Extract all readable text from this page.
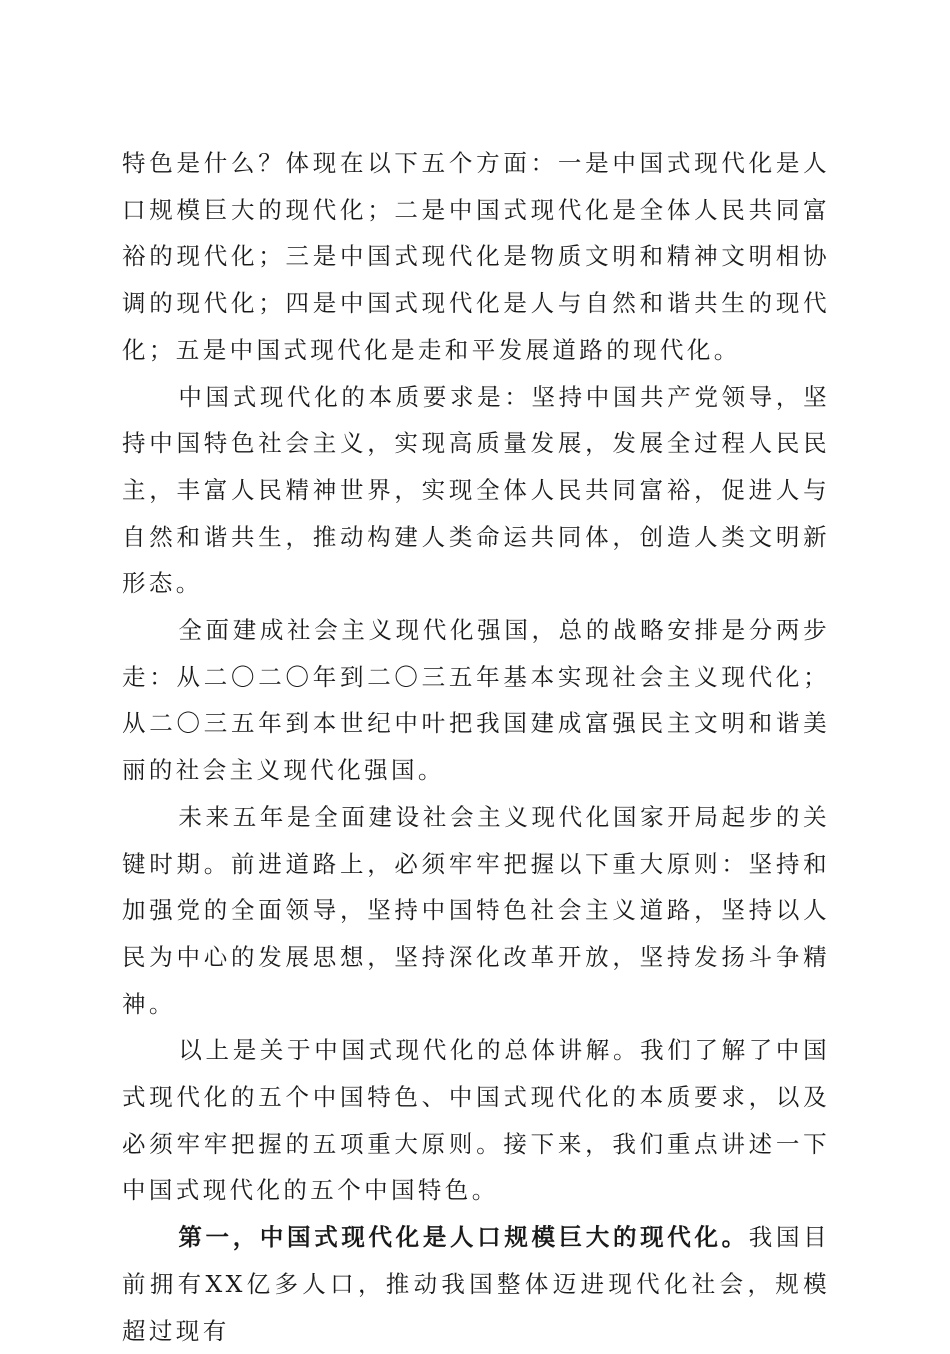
特色是什么？体现在以下五个方面：一是中国式现代化是人口规模巨大的现代化；二是中国式现代化是全体人民共同富裕的现代化；三是中国式现代化是物质文明和精神文明相协调的现代化；四是中国式现代化是人与自然和谐共生的现代化；五是中国式现代化是走和平发展道路的现代化。

中国式现代化的本质要求是：坚持中国共产党领导，坚持中国特色社会主义，实现高质量发展，发展全过程人民民主，丰富人民精神世界，实现全体人民共同富裕，促进人与自然和谐共生，推动构建人类命运共同体，创造人类文明新形态。

全面建成社会主义现代化强国，总的战略安排是分两步走：从二〇二〇年到二〇三五年基本实现社会主义现代化；从二〇三五年到本世纪中叶把我国建成富强民主文明和谐美丽的社会主义现代化强国。

未来五年是全面建设社会主义现代化国家开局起步的关键时期。前进道路上，必须牢牢把握以下重大原则：坚持和加强党的全面领导，坚持中国特色社会主义道路，坚持以人民为中心的发展思想，坚持深化改革开放，坚持发扬斗争精神。

以上是关于中国式现代化的总体讲解。我们了解了中国式现代化的五个中国特色、中国式现代化的本质要求，以及必须牢牢把握的五项重大原则。接下来，我们重点讲述一下中国式现代化的五个中国特色。

第一，中国式现代化是人口规模巨大的现代化。我国目前拥有XX亿多人口，推动我国整体迈进现代化社会，规模超过现有
